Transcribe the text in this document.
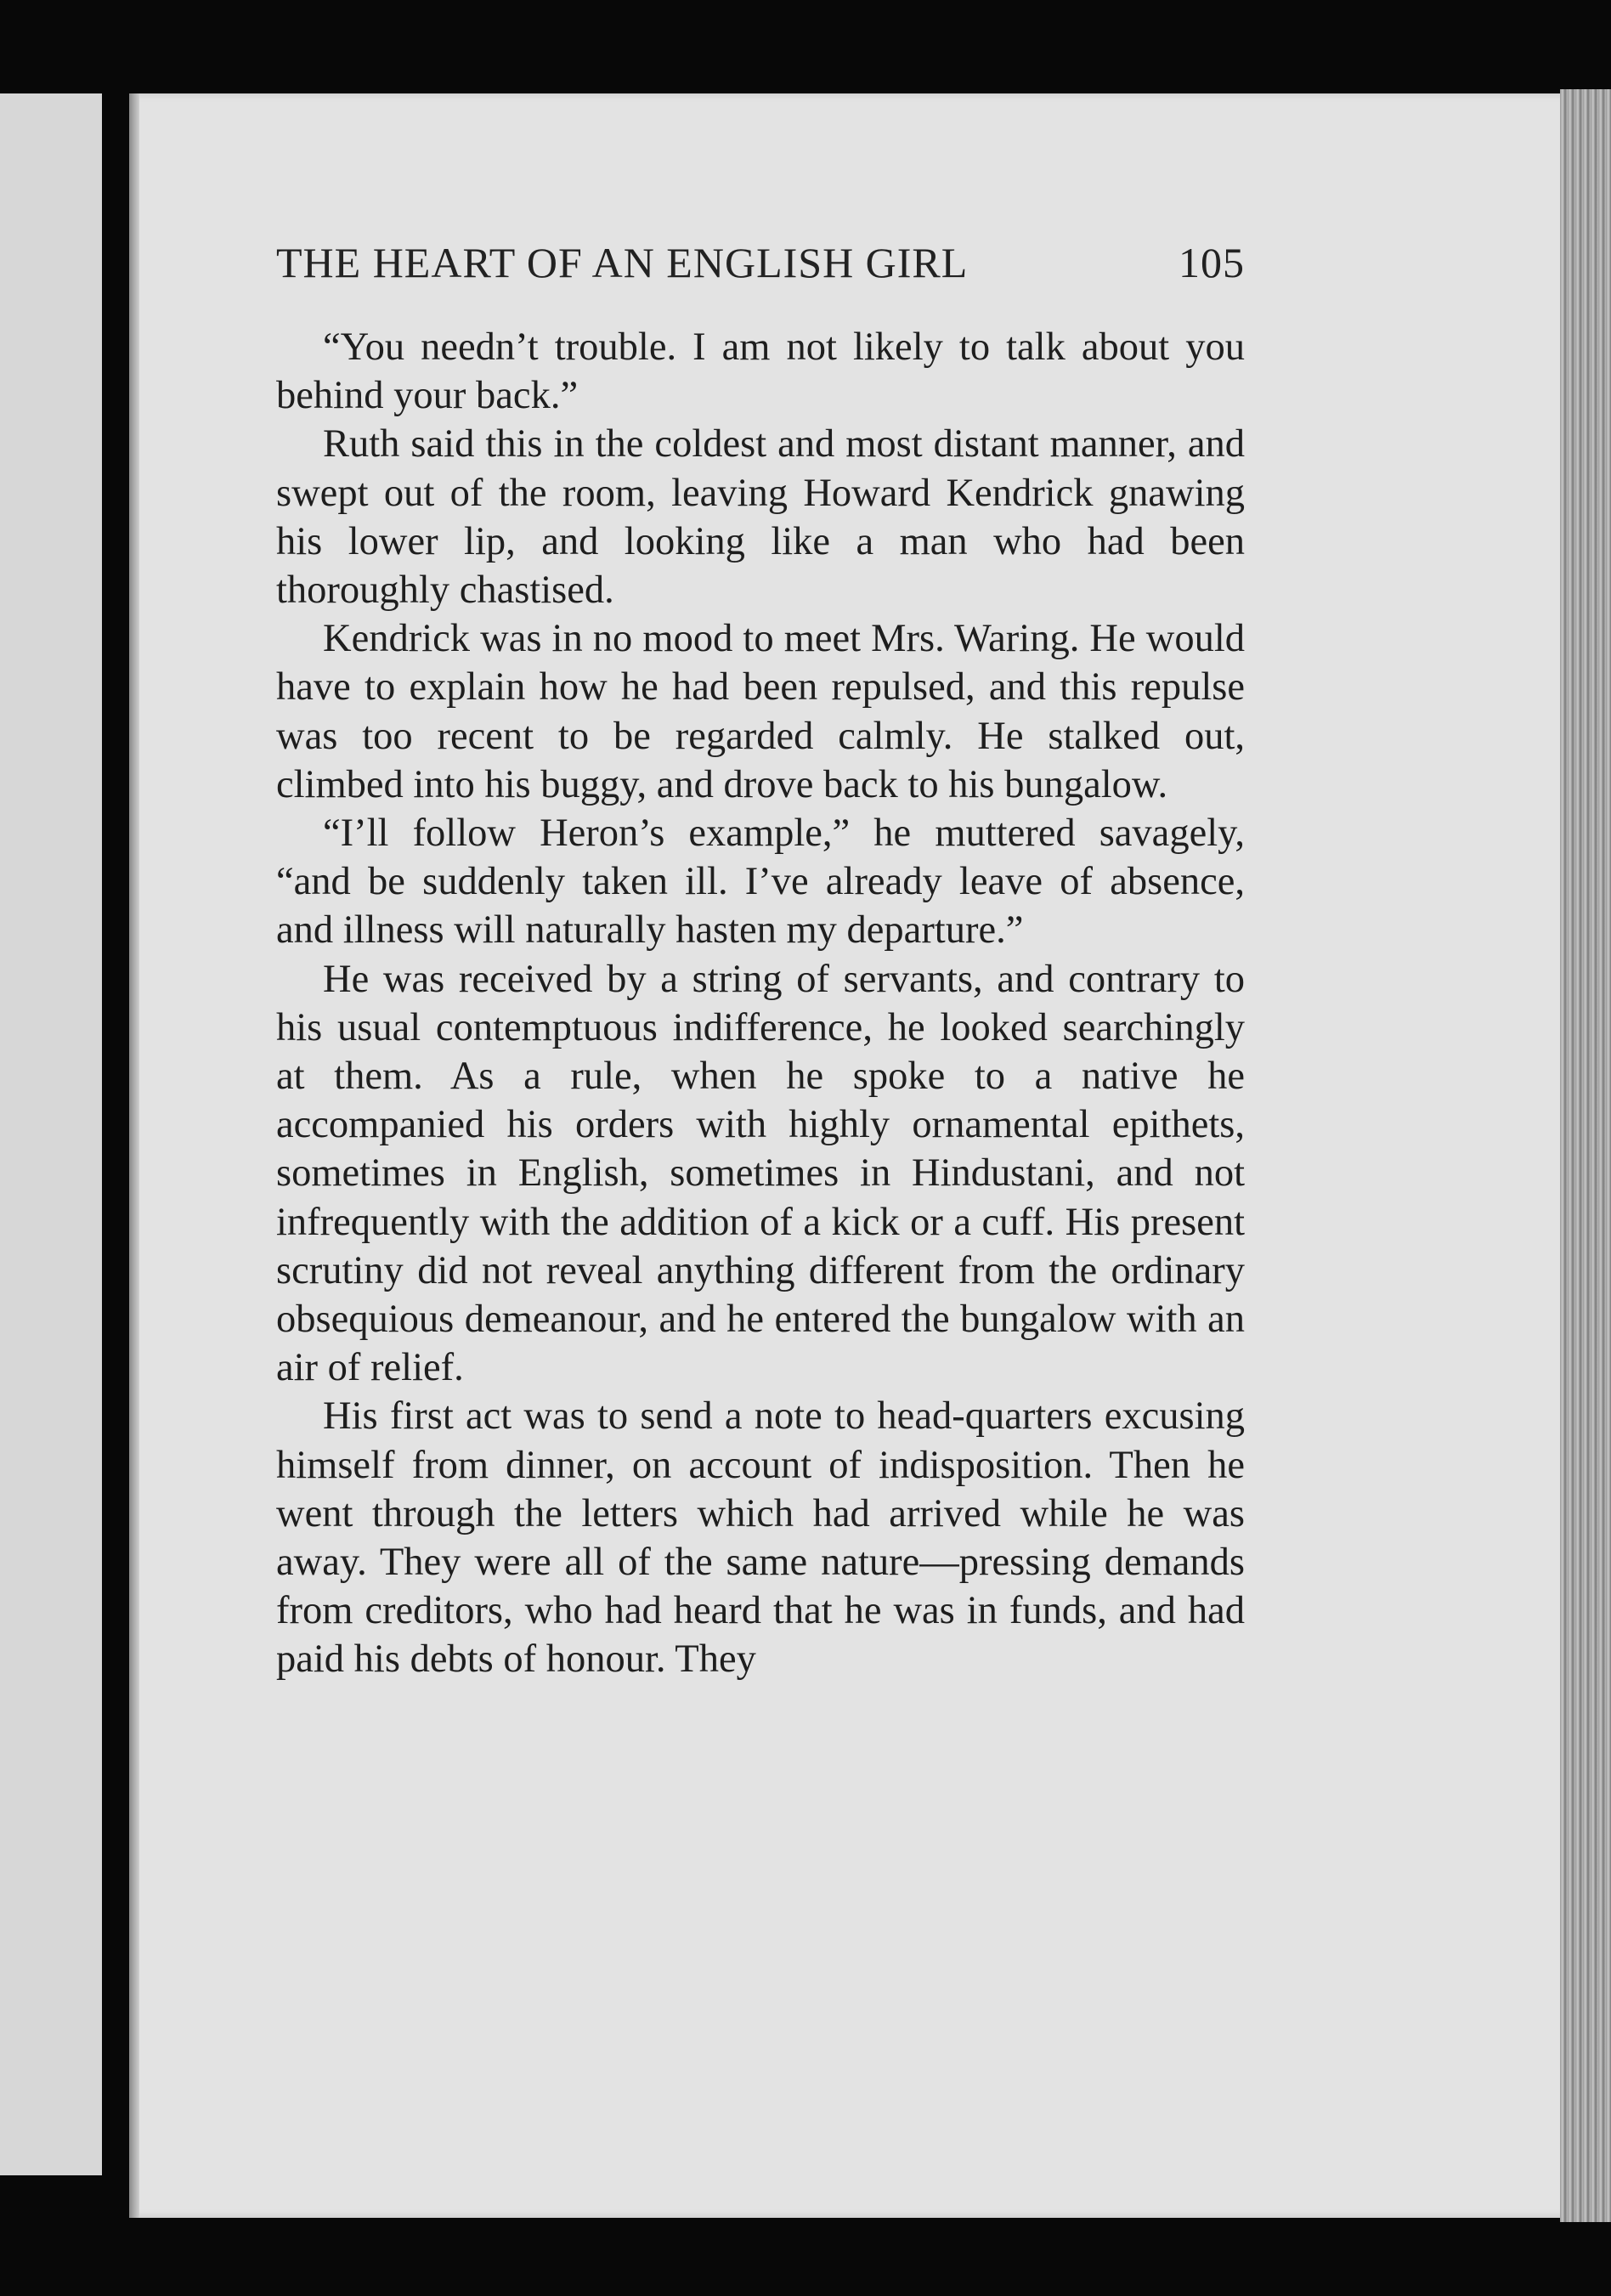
THE HEART OF AN ENGLISH GIRL	105

“You needn’t trouble. I am not likely to talk about you behind your back.”

Ruth said this in the coldest and most distant manner, and swept out of the room, leaving Howard Kendrick gnawing his lower lip, and looking like a man who had been thoroughly chastised.

Kendrick was in no mood to meet Mrs. Waring. He would have to explain how he had been repulsed, and this repulse was too recent to be regarded calmly. He stalked out, climbed into his buggy, and drove back to his bungalow.

“I’ll follow Heron’s example,” he muttered savagely, “and be suddenly taken ill. I’ve already leave of absence, and illness will naturally hasten my departure.”

He was received by a string of servants, and contrary to his usual contemptuous indifference, he looked searchingly at them. As a rule, when he spoke to a native he accompanied his orders with highly ornamental epithets, sometimes in English, sometimes in Hindustani, and not infrequently with the addition of a kick or a cuff. His present scrutiny did not reveal anything different from the ordinary obsequious demeanour, and he entered the bungalow with an air of relief.

His first act was to send a note to head-quarters excusing himself from dinner, on account of indisposition. Then he went through the letters which had arrived while he was away. They were all of the same nature—pressing demands from creditors, who had heard that he was in funds, and had paid his debts of honour. They
